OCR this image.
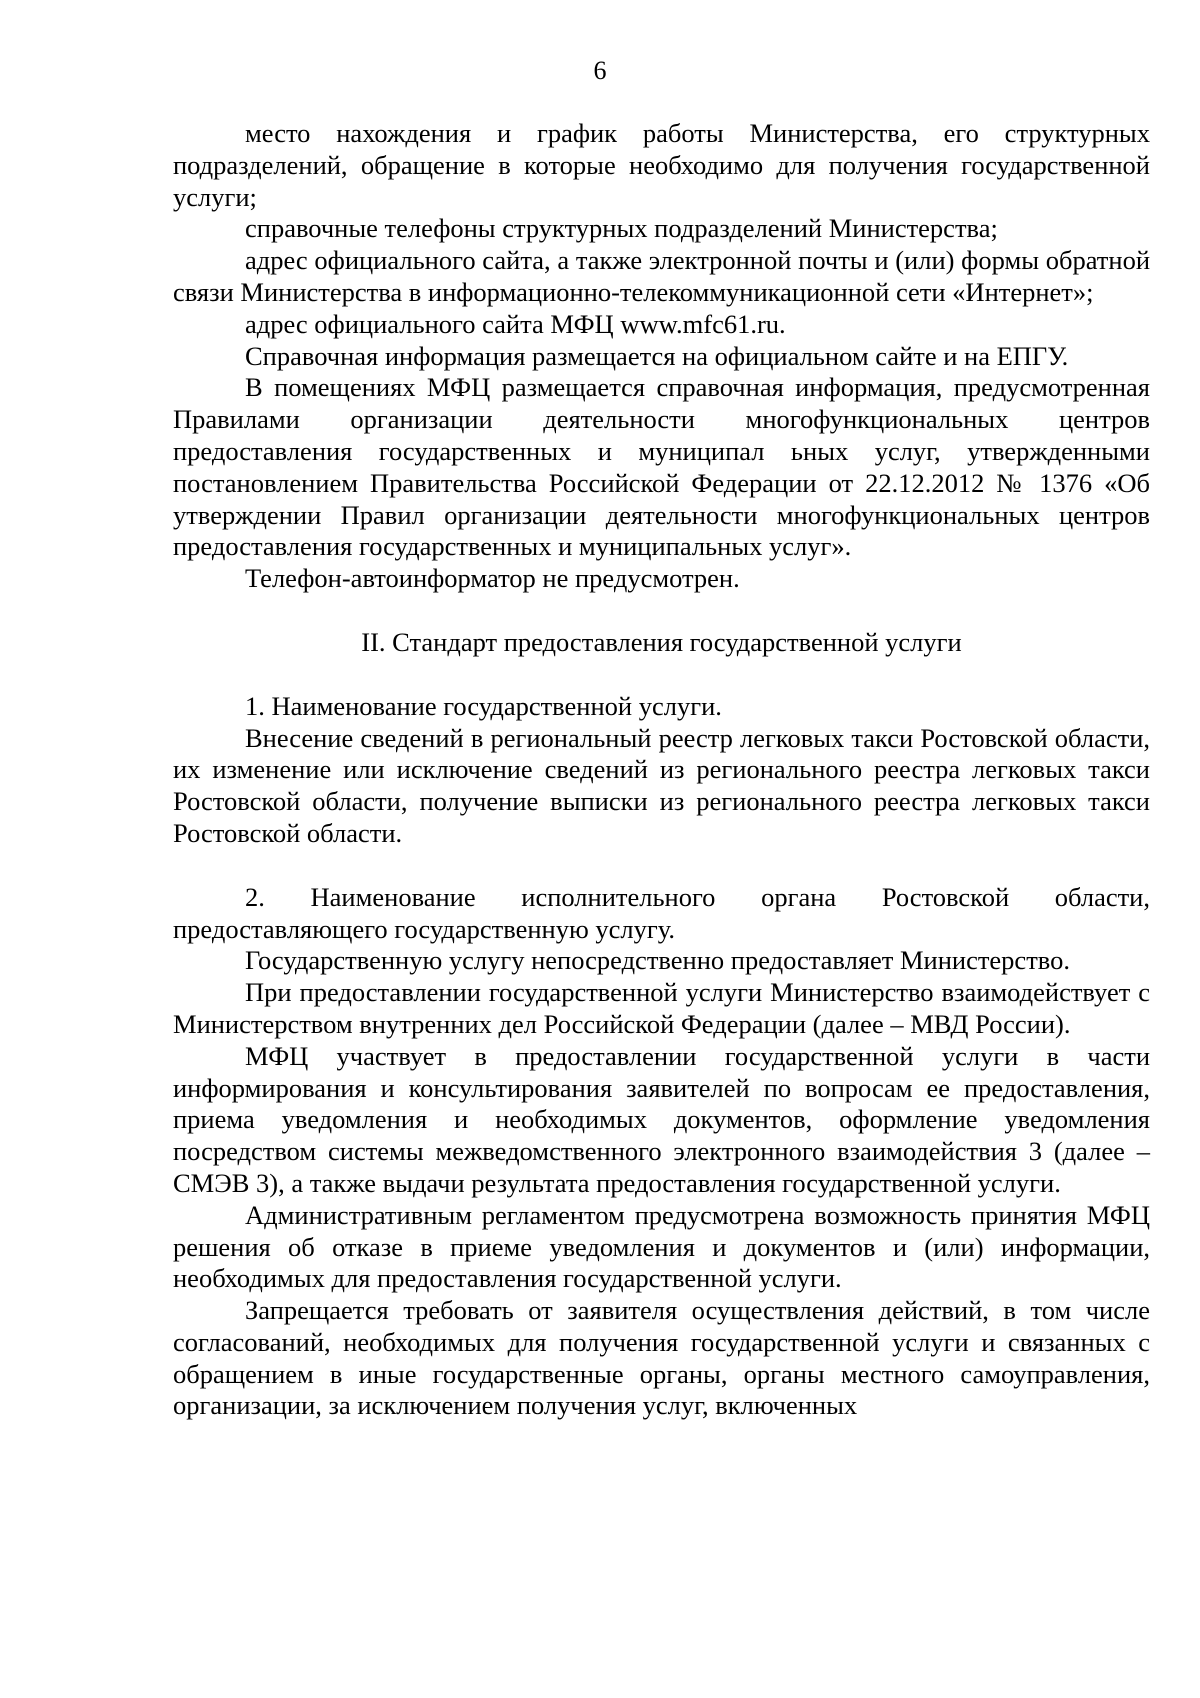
6

место нахождения и график работы Министерства, его структурных подразделений, обращение в которые необходимо для получения государственной услуги;

справочные телефоны структурных подразделений Министерства;

адрес официального сайта, а также электронной почты и (или) формы обратной связи Министерства в информационно-телекоммуникационной сети «Интернет»;

адрес официального сайта МФЦ www.mfc61.ru.

Справочная информация размещается на официальном сайте и на ЕПГУ.

В помещениях МФЦ размещается справочная информация, предусмотренная Правилами организации деятельности многофункциональных центров предоставления государственных и муниципал ьных услуг, утвержденными постановлением Правительства Российской Федерации от 22.12.2012 № 1376 «Об утверждении Правил организации деятельности многофункциональных центров предоставления государственных и муниципальных услуг».

Телефон-автоинформатор не предусмотрен.

II. Стандарт предоставления государственной услуги

1. Наименование государственной услуги.

Внесение сведений в региональный реестр легковых такси Ростовской области, их изменение или исключение сведений из регионального реестра легковых такси Ростовской области, получение выписки из регионального реестра легковых такси Ростовской области.

2. Наименование исполнительного органа Ростовской области, предоставляющего государственную услугу.

Государственную услугу непосредственно предоставляет Министерство.

При предоставлении государственной услуги Министерство взаимодействует с Министерством внутренних дел Российской Федерации (далее – МВД России).

МФЦ участвует в предоставлении государственной услуги в части информирования и консультирования заявителей по вопросам ее предоставления, приема уведомления и необходимых документов, оформление уведомления посредством системы межведомственного электронного взаимодействия 3 (далее – СМЭВ 3), а также выдачи результата предоставления государственной услуги.

Административным регламентом предусмотрена возможность принятия МФЦ решения об отказе в приеме уведомления и документов и (или) информации, необходимых для предоставления государственной услуги.

Запрещается требовать от заявителя осуществления действий, в том числе согласований, необходимых для получения государственной услуги и связанных с обращением в иные государственные органы, органы местного самоуправления, организации, за исключением получения услуг, включенных
